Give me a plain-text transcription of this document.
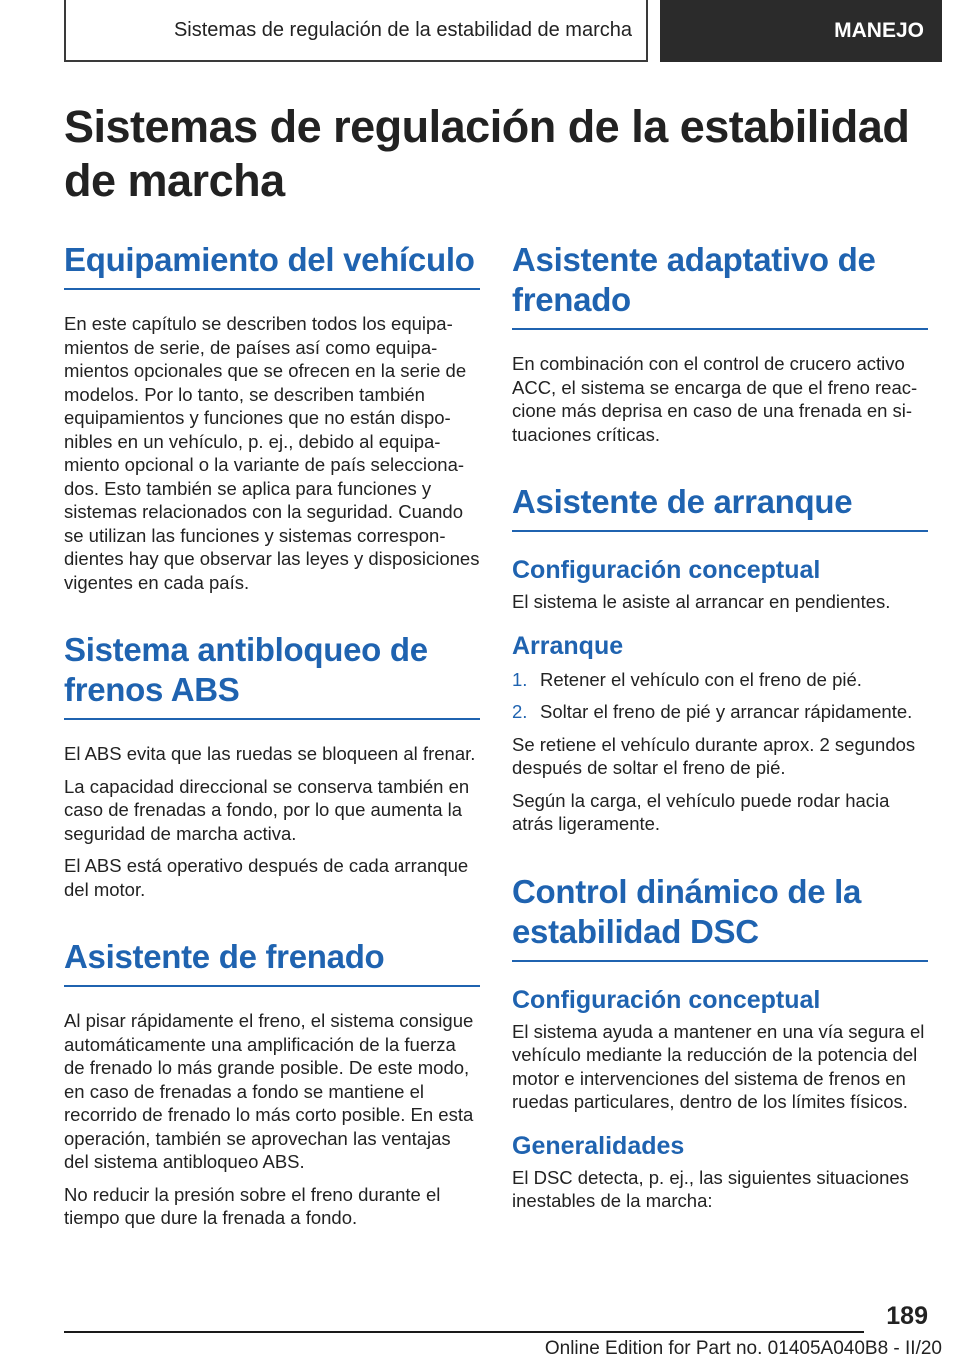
Sistemas de regulación de la estabilidad de marcha	MANEJO
Sistemas de regulación de la estabilidad de marcha
Equipamiento del vehículo

En este capítulo se describen todos los equipamientos de serie, de países así como equipamientos opcionales que se ofrecen en la serie de modelos. Por lo tanto, se describen también equipamientos y funciones que no están disponibles en un vehículo, p. ej., debido al equipamiento opcional o la variante de país seleccionados. Esto también se aplica para funciones y sistemas relacionados con la seguridad. Cuando se utilizan las funciones y sistemas correspondientes hay que observar las leyes y disposiciones vigentes en cada país.

Sistema antibloqueo de frenos ABS

El ABS evita que las ruedas se bloqueen al frenar.

La capacidad direccional se conserva también en caso de frenadas a fondo, por lo que aumenta la seguridad de marcha activa.

El ABS está operativo después de cada arranque del motor.

Asistente de frenado

Al pisar rápidamente el freno, el sistema consigue automáticamente una amplificación de la fuerza de frenado lo más grande posible. De este modo, en caso de frenadas a fondo se mantiene el recorrido de frenado lo más corto posible. En esta operación, también se aprovechan las ventajas del sistema antibloqueo ABS.

No reducir la presión sobre el freno durante el tiempo que dure la frenada a fondo.

Asistente adaptativo de frenado

En combinación con el control de crucero activo ACC, el sistema se encarga de que el freno reaccione más deprisa en caso de una frenada en situaciones críticas.

Asistente de arranque
Configuración conceptual

El sistema le asiste al arrancar en pendientes.

Arranque
1. Retener el vehículo con el freno de pié.
2. Soltar el freno de pié y arrancar rápidamente.

Se retiene el vehículo durante aprox. 2 segundos después de soltar el freno de pié.

Según la carga, el vehículo puede rodar hacia atrás ligeramente.

Control dinámico de la estabilidad DSC
Configuración conceptual

El sistema ayuda a mantener en una vía segura el vehículo mediante la reducción de la potencia del motor e intervenciones del sistema de frenos en ruedas particulares, dentro de los límites físicos.

Generalidades

El DSC detecta, p. ej., las siguientes situaciones inestables de la marcha:

189
Online Edition for Part no. 01405A040B8 - II/20
